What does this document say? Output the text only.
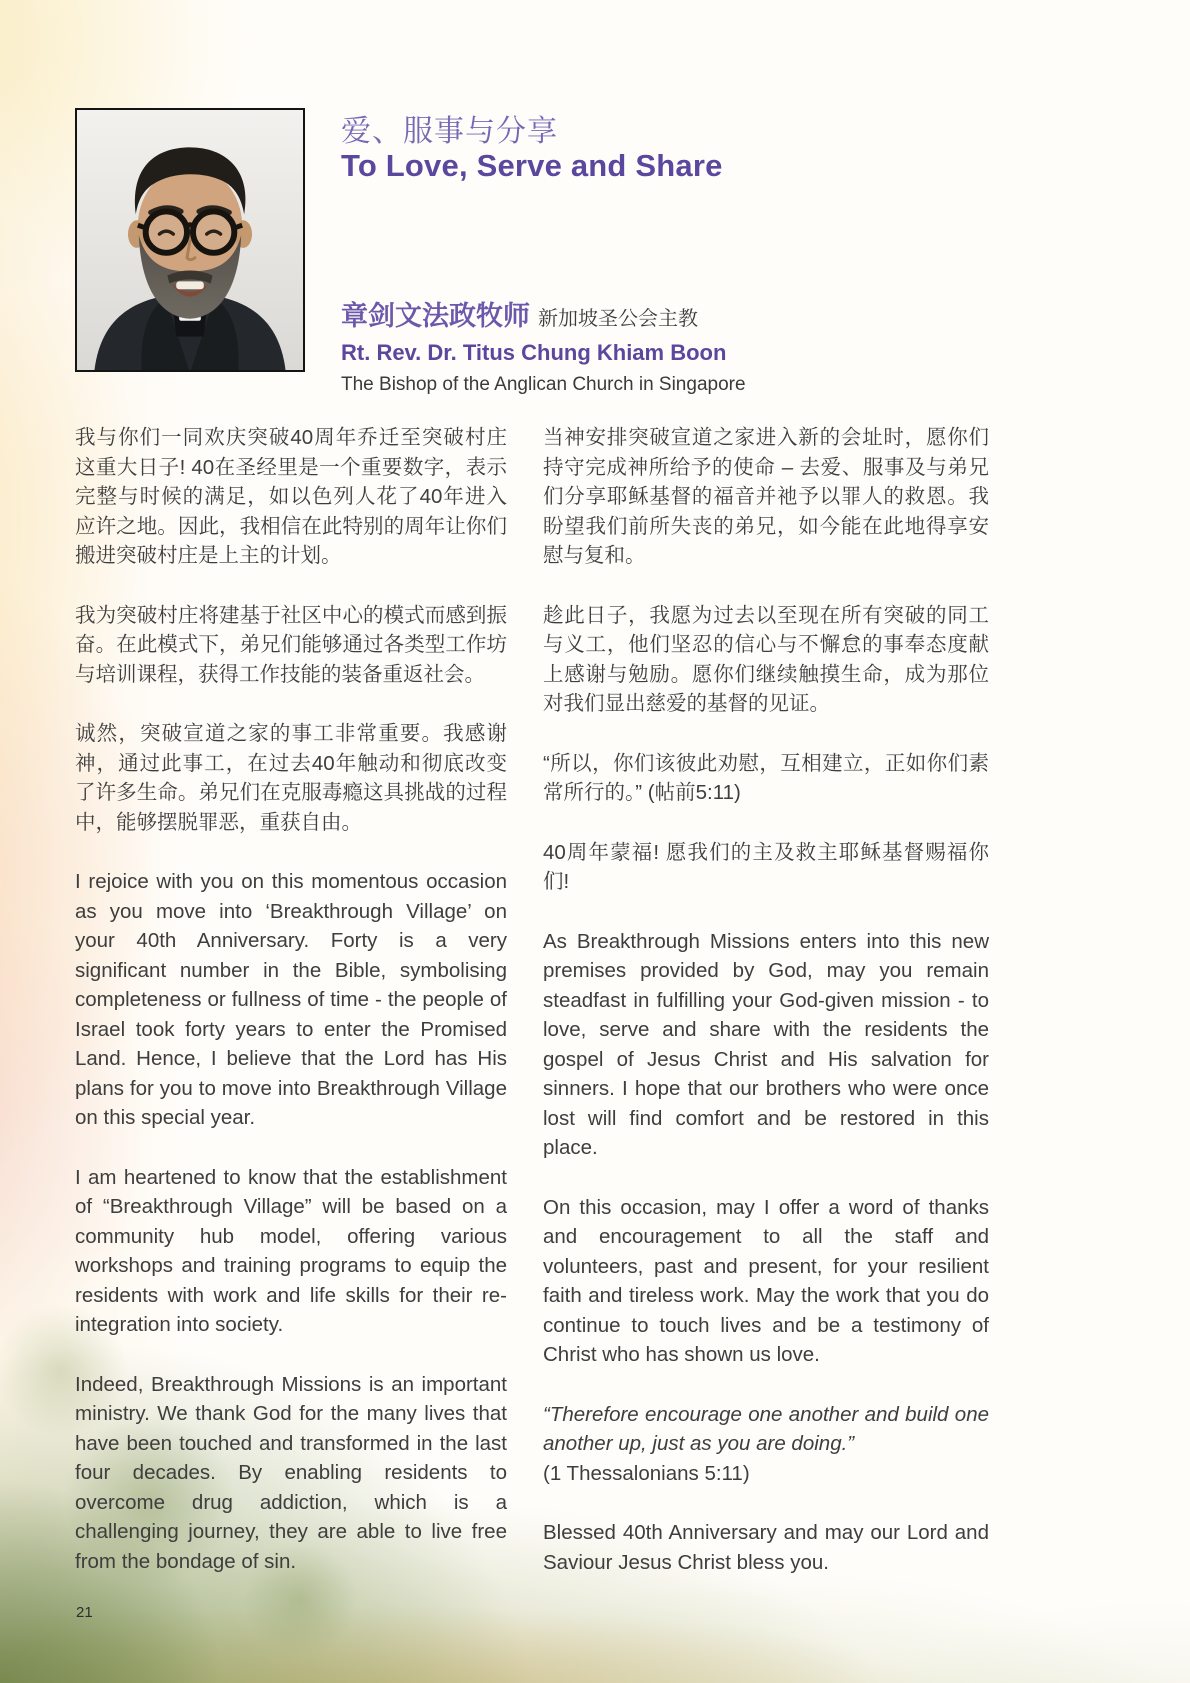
爱、服事与分享
To Love, Serve and Share
章剑文法政牧师 新加坡圣公会主教
Rt. Rev. Dr. Titus Chung Khiam Boon
The Bishop of the Anglican Church in Singapore

我与你们一同欢庆突破40周年乔迁至突破村庄这重大日子! 40在圣经里是一个重要数字，表示完整与时候的满足，如以色列人花了40年进入应许之地。因此，我相信在此特别的周年让你们搬进突破村庄是上主的计划。

我为突破村庄将建基于社区中心的模式而感到振奋。在此模式下，弟兄们能够通过各类型工作坊与培训课程，获得工作技能的装备重返社会。

诚然，突破宣道之家的事工非常重要。我感谢神，通过此事工，在过去40年触动和彻底改变了许多生命。弟兄们在克服毒瘾这具挑战的过程中，能够摆脱罪恶，重获自由。

I rejoice with you on this momentous occasion as you move into ‘Breakthrough Village’ on your 40th Anniversary. Forty is a very significant number in the Bible, symbolising completeness or fullness of time - the people of Israel took forty years to enter the Promised Land. Hence, I believe that the Lord has His plans for you to move into Breakthrough Village on this special year.

I am heartened to know that the establishment of “Breakthrough Village” will be based on a community hub model, offering various workshops and training programs to equip the residents with work and life skills for their re-integration into society.

Indeed, Breakthrough Missions is an important ministry. We thank God for the many lives that have been touched and transformed in the last four decades. By enabling residents to overcome drug addiction, which is a challenging journey, they are able to live free from the bondage of sin.

当神安排突破宣道之家进入新的会址时，愿你们持守完成神所给予的使命 – 去爱、服事及与弟兄们分享耶稣基督的福音并祂予以罪人的救恩。我盼望我们前所失丧的弟兄，如今能在此地得享安慰与复和。

趁此日子，我愿为过去以至现在所有突破的同工与义工，他们坚忍的信心与不懈怠的事奉态度献上感谢与勉励。愿你们继续触摸生命，成为那位对我们显出慈爱的基督的见证。

“所以，你们该彼此劝慰，互相建立，正如你们素常所行的。” (帖前5:11)

40周年蒙福! 愿我们的主及救主耶稣基督赐福你们!

As Breakthrough Missions enters into this new premises provided by God, may you remain steadfast in fulfilling your God-given mission - to love, serve and share with the residents the gospel of Jesus Christ and His salvation for sinners. I hope that our brothers who were once lost will find comfort and be restored in this place.

On this occasion, may I offer a word of thanks and encouragement to all the staff and volunteers, past and present, for your resilient faith and tireless work. May the work that you do continue to touch lives and be a testimony of Christ who has shown us love.

“Therefore encourage one another and build one another up, just as you are doing.”

(1 Thessalonians 5:11)

Blessed 40th Anniversary and may our Lord and Saviour Jesus Christ bless you.

21
